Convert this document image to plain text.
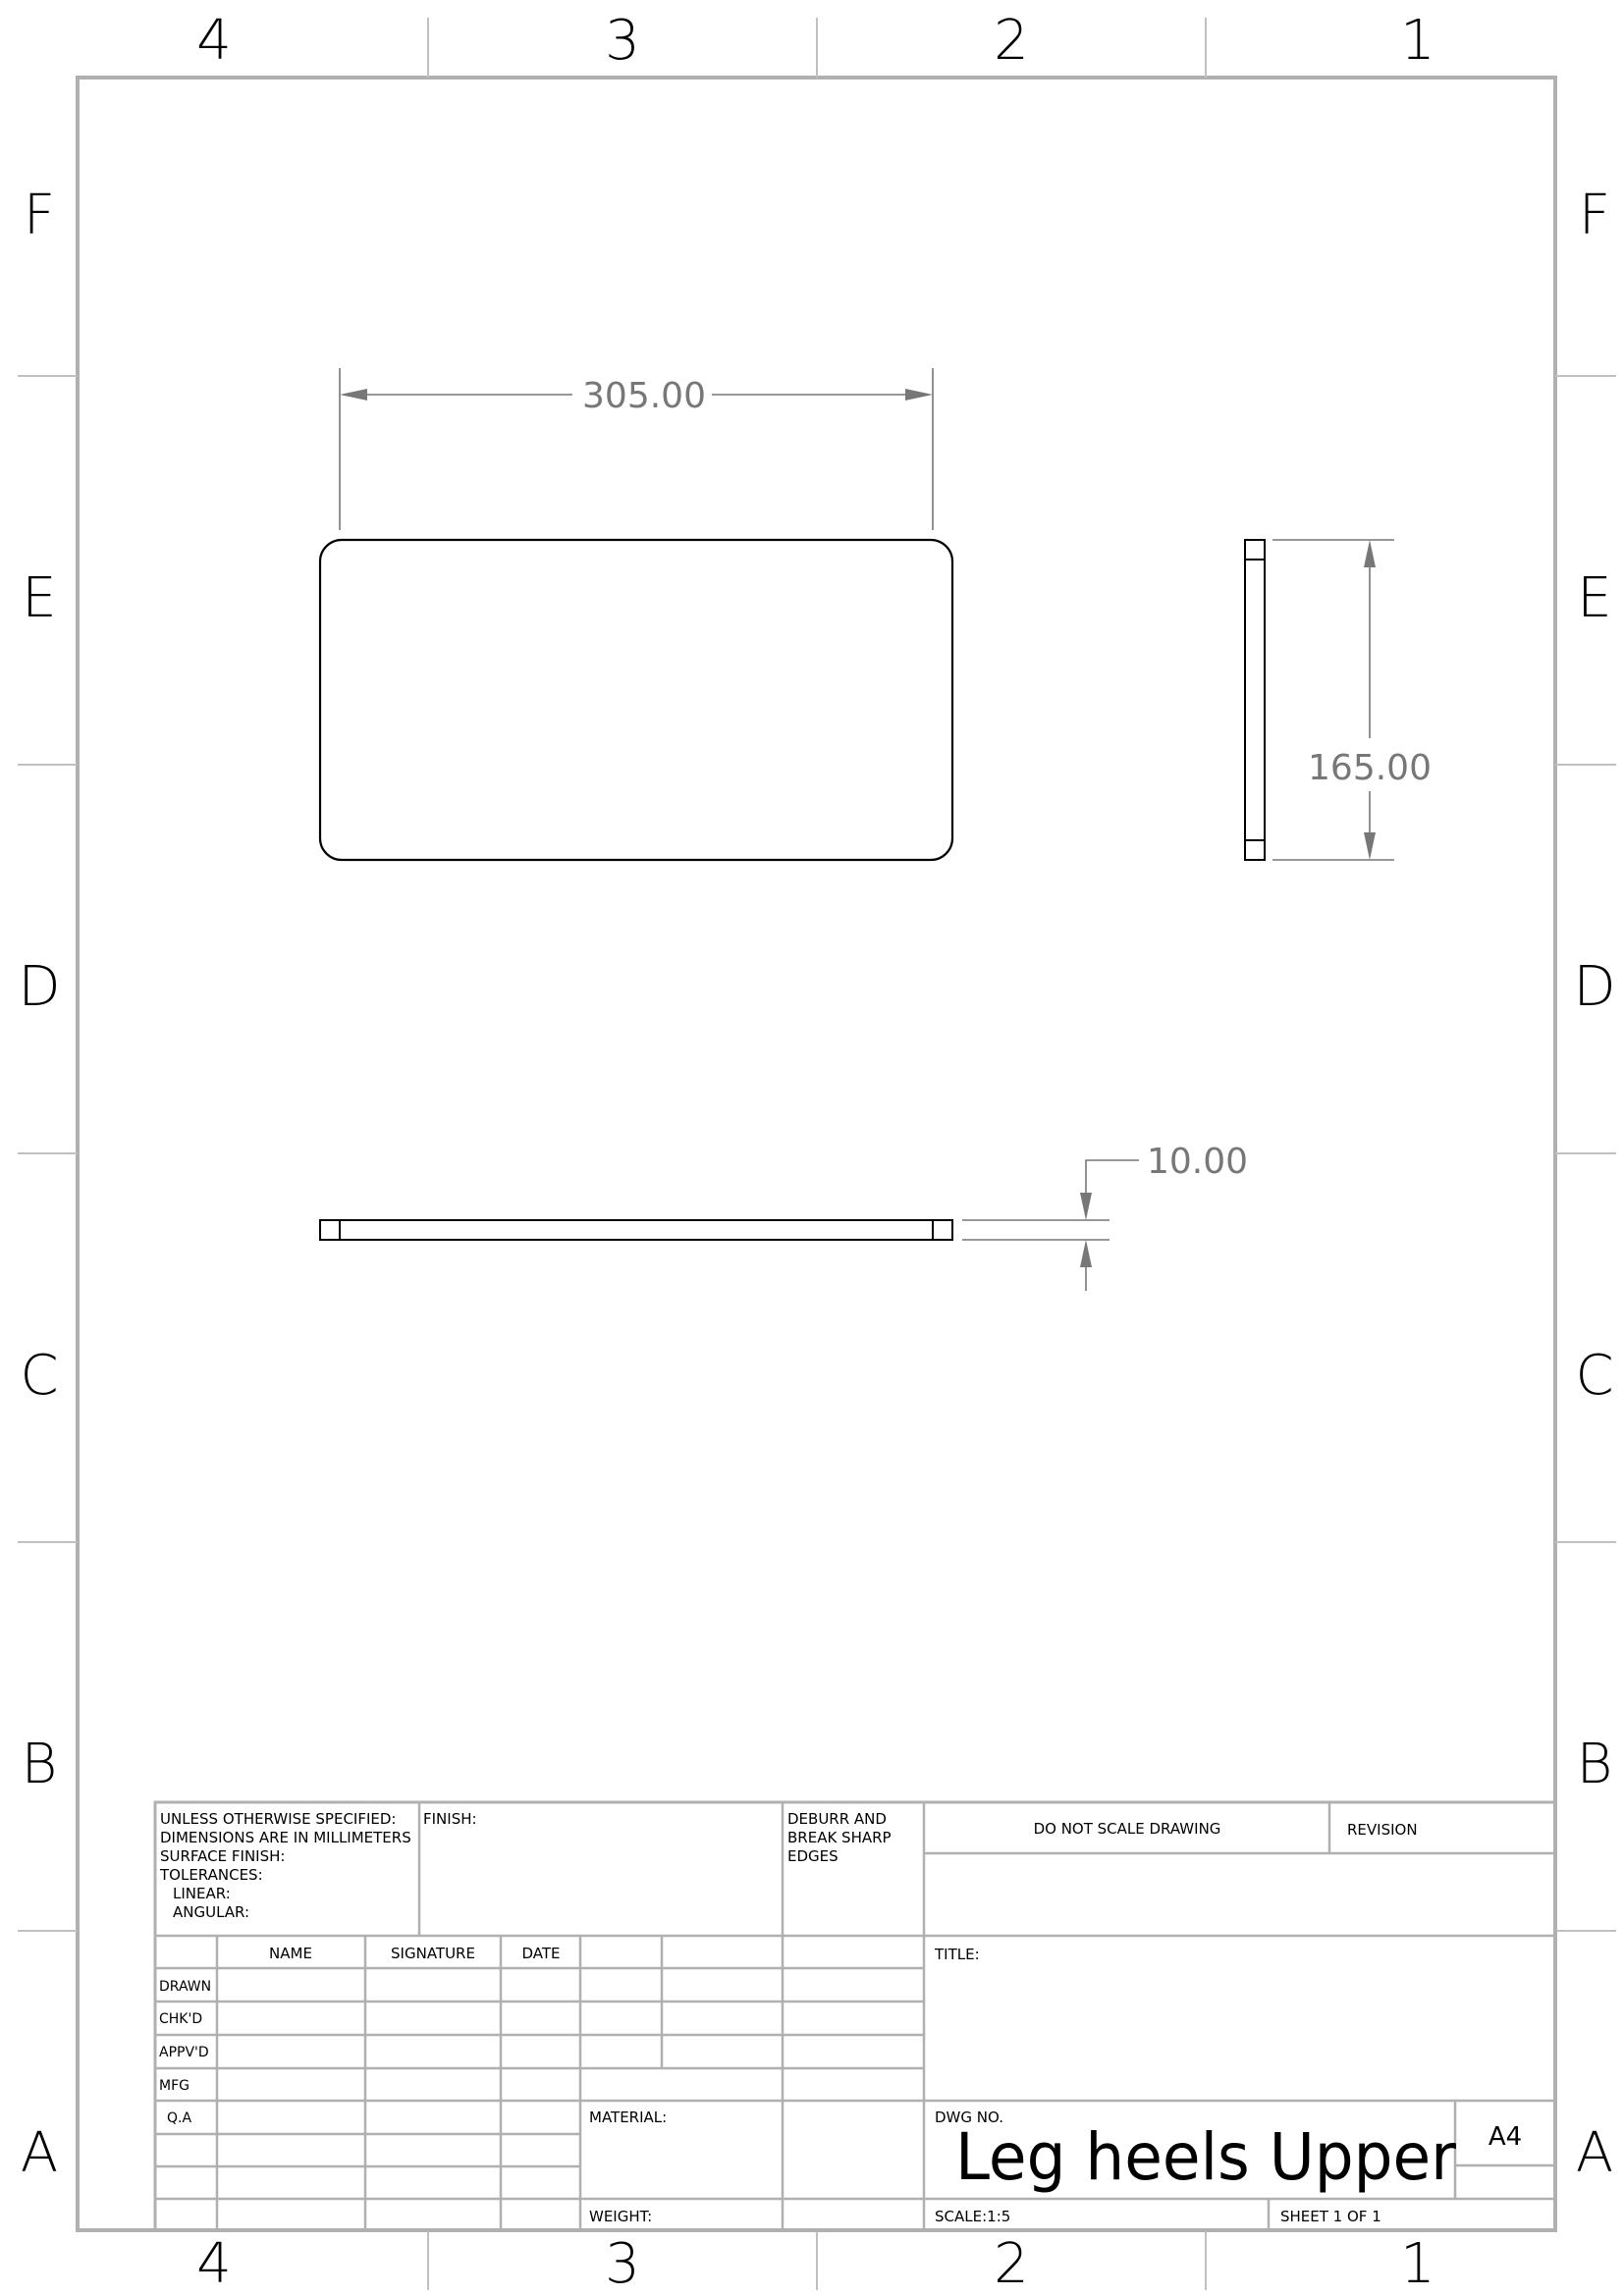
4	3	2	1
4	3	2	1
F
E
D
C
B
A
F
E
D
C
B
A
305.00
165.00
10.00
UNLESS OTHERWISE SPECIFIED:
DIMENSIONS ARE IN MILLIMETERS
SURFACE FINISH:
TOLERANCES:
LINEAR:
ANGULAR:
FINISH:	DEBURR AND
BREAK SHARP
EDGES
DO NOT SCALE DRAWING	REVISION
NAME	SIGNATURE	DATE
DRAWN
CHK'D
APPV'D
MFG
Q.A
TITLE:
MATERIAL:
WEIGHT:
DWG NO.
Leg heels Upper A4
SCALE:1:5	SHEET 1 OF 1
